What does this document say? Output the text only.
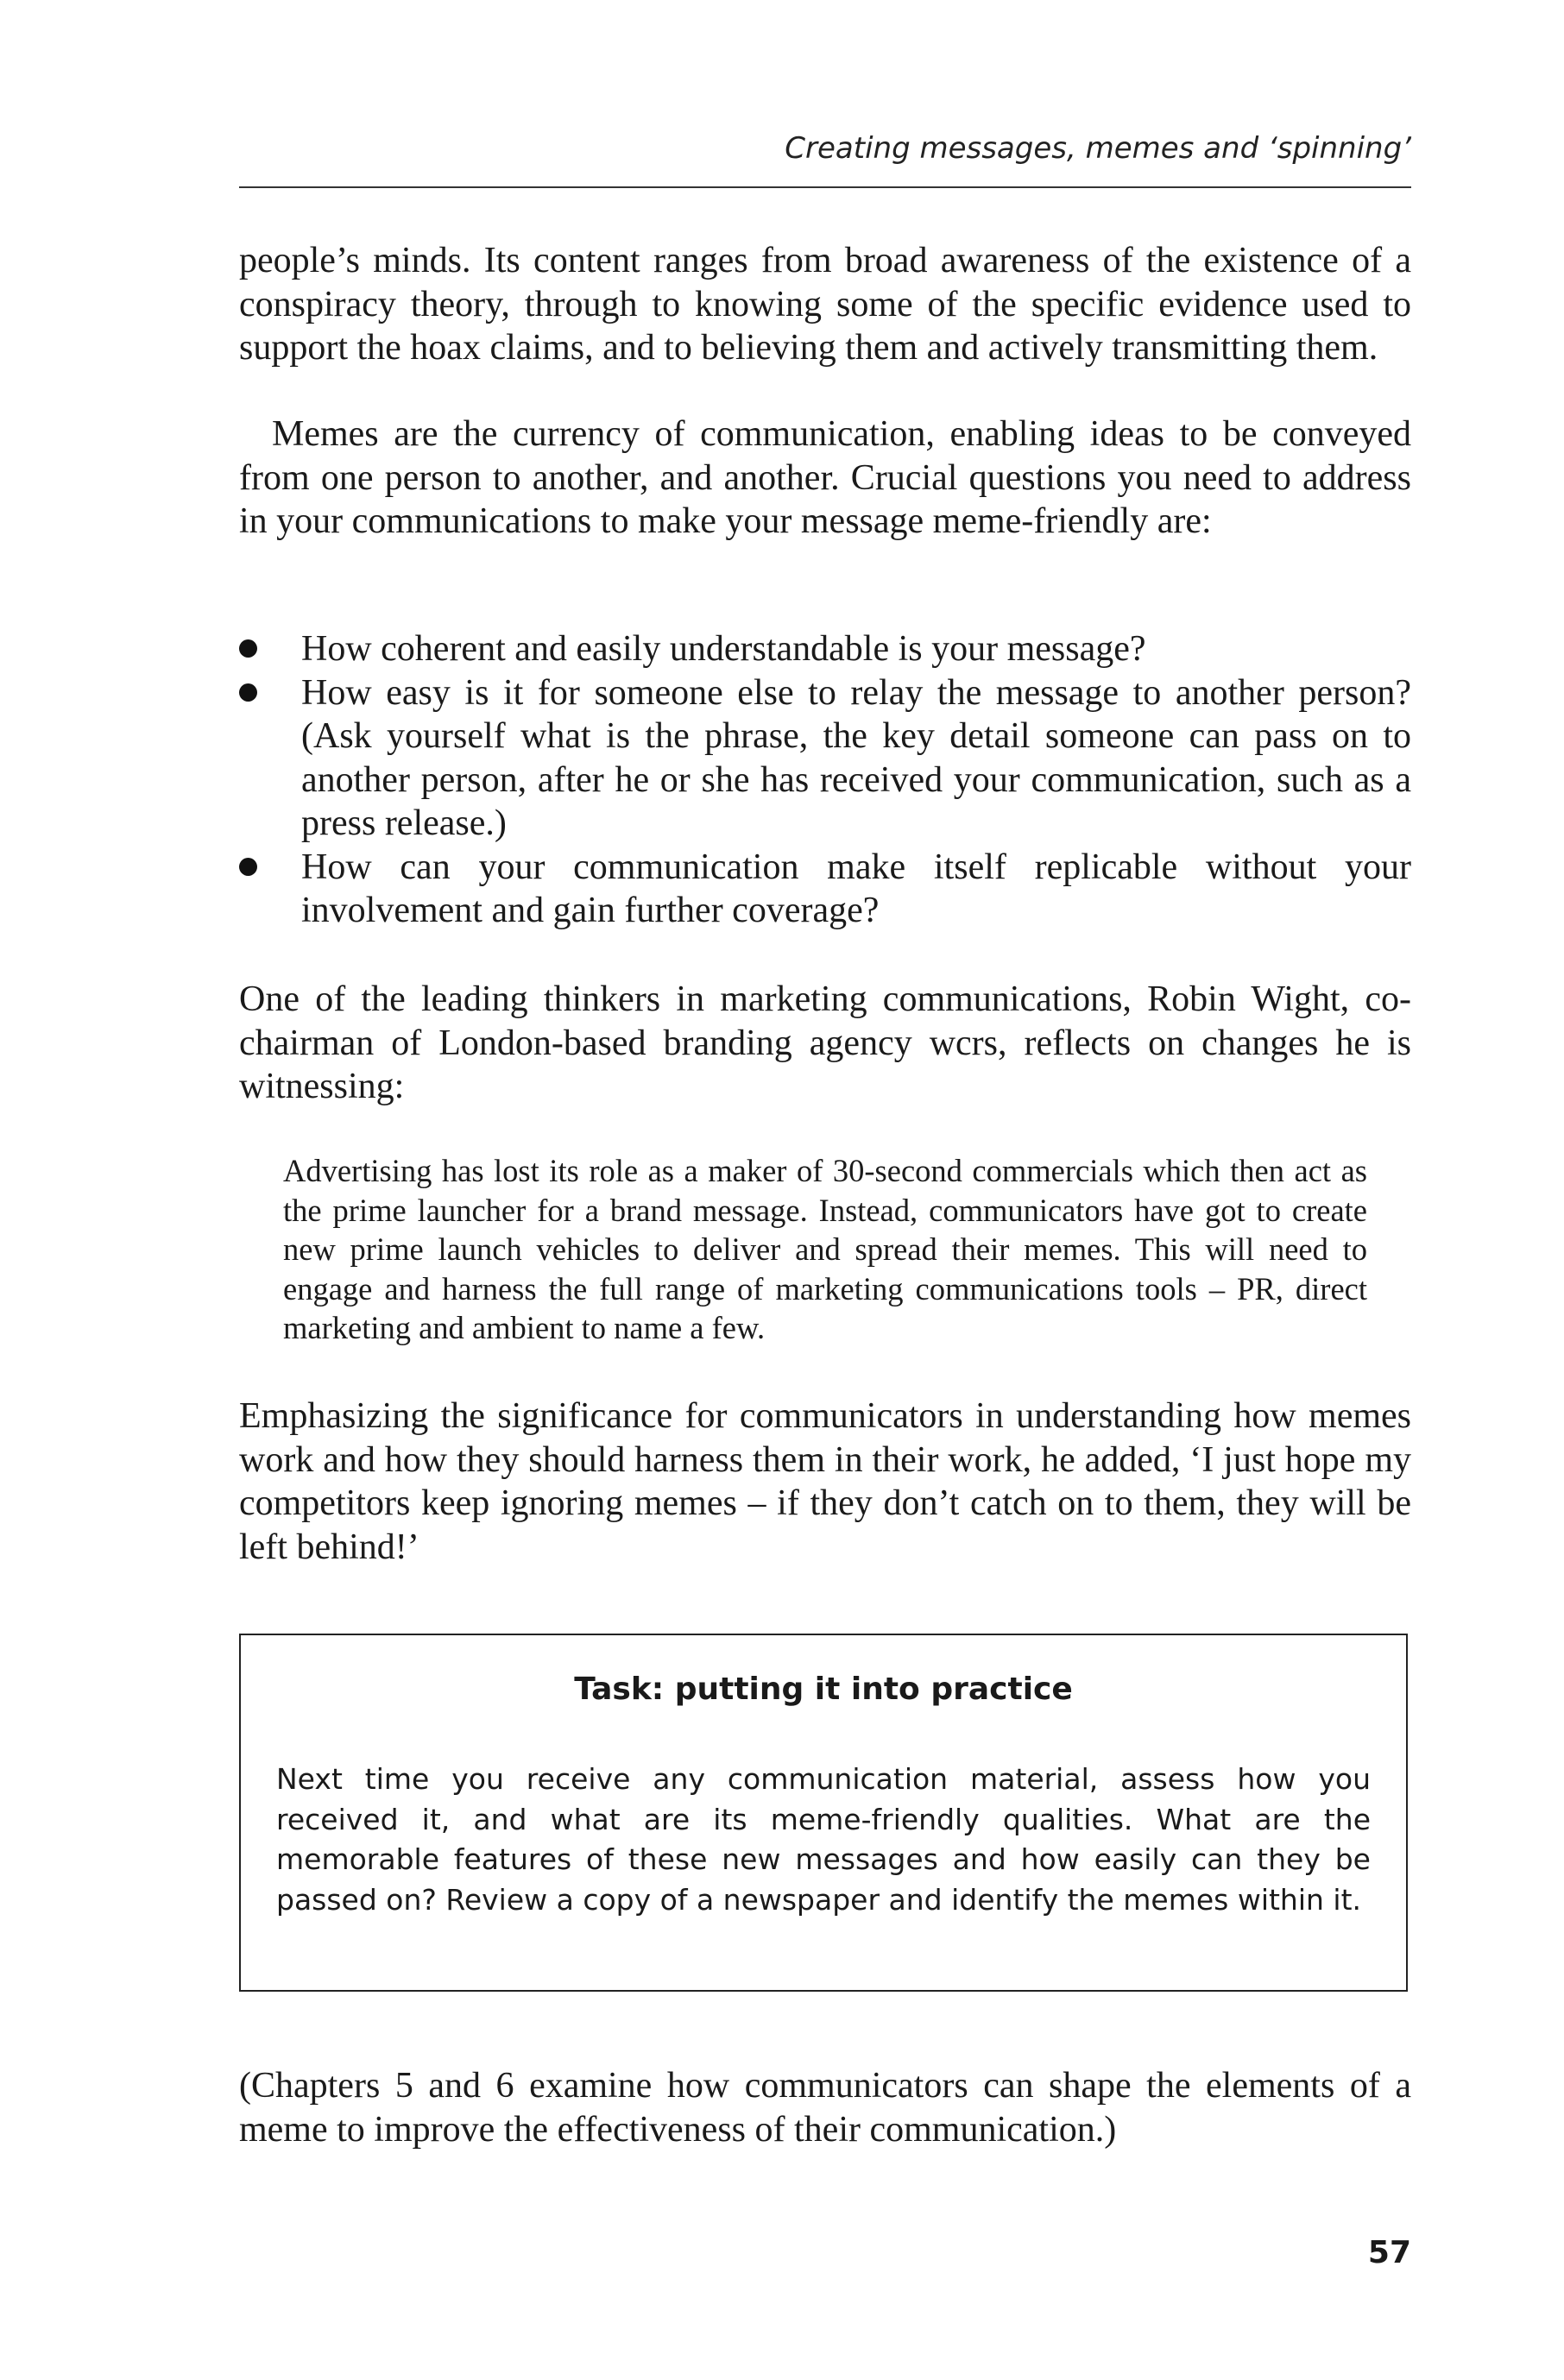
Creating messages, memes and ‘spinning’

people’s minds. Its content ranges from broad awareness of the existence of a conspiracy theory, through to knowing some of the specific evidence used to support the hoax claims, and to believing them and actively transmitting them.

Memes are the currency of communication, enabling ideas to be conveyed from one person to another, and another. Crucial questions you need to address in your communications to make your message meme-friendly are:

How coherent and easily understandable is your message?
How easy is it for someone else to relay the message to another person? (Ask yourself what is the phrase, the key detail someone can pass on to another person, after he or she has received your communication, such as a press release.)
How can your communication make itself replicable without your involvement and gain further coverage?

One of the leading thinkers in marketing communications, Robin Wight, co-chairman of London-based branding agency wcrs, reflects on changes he is witnessing:

Advertising has lost its role as a maker of 30-second commercials which then act as the prime launcher for a brand message. Instead, communicators have got to create new prime launch vehicles to deliver and spread their memes. This will need to engage and harness the full range of marketing communications tools – PR, direct marketing and ambient to name a few.

Emphasizing the significance for communicators in understanding how memes work and how they should harness them in their work, he added, ‘I just hope my competitors keep ignoring memes – if they don’t catch on to them, they will be left behind!’

Task: putting it into practice

Next time you receive any communication material, assess how you received it, and what are its meme-friendly qualities. What are the memorable features of these new messages and how easily can they be passed on? Review a copy of a newspaper and identify the memes within it.

(Chapters 5 and 6 examine how communicators can shape the elements of a meme to improve the effectiveness of their communication.)

57
